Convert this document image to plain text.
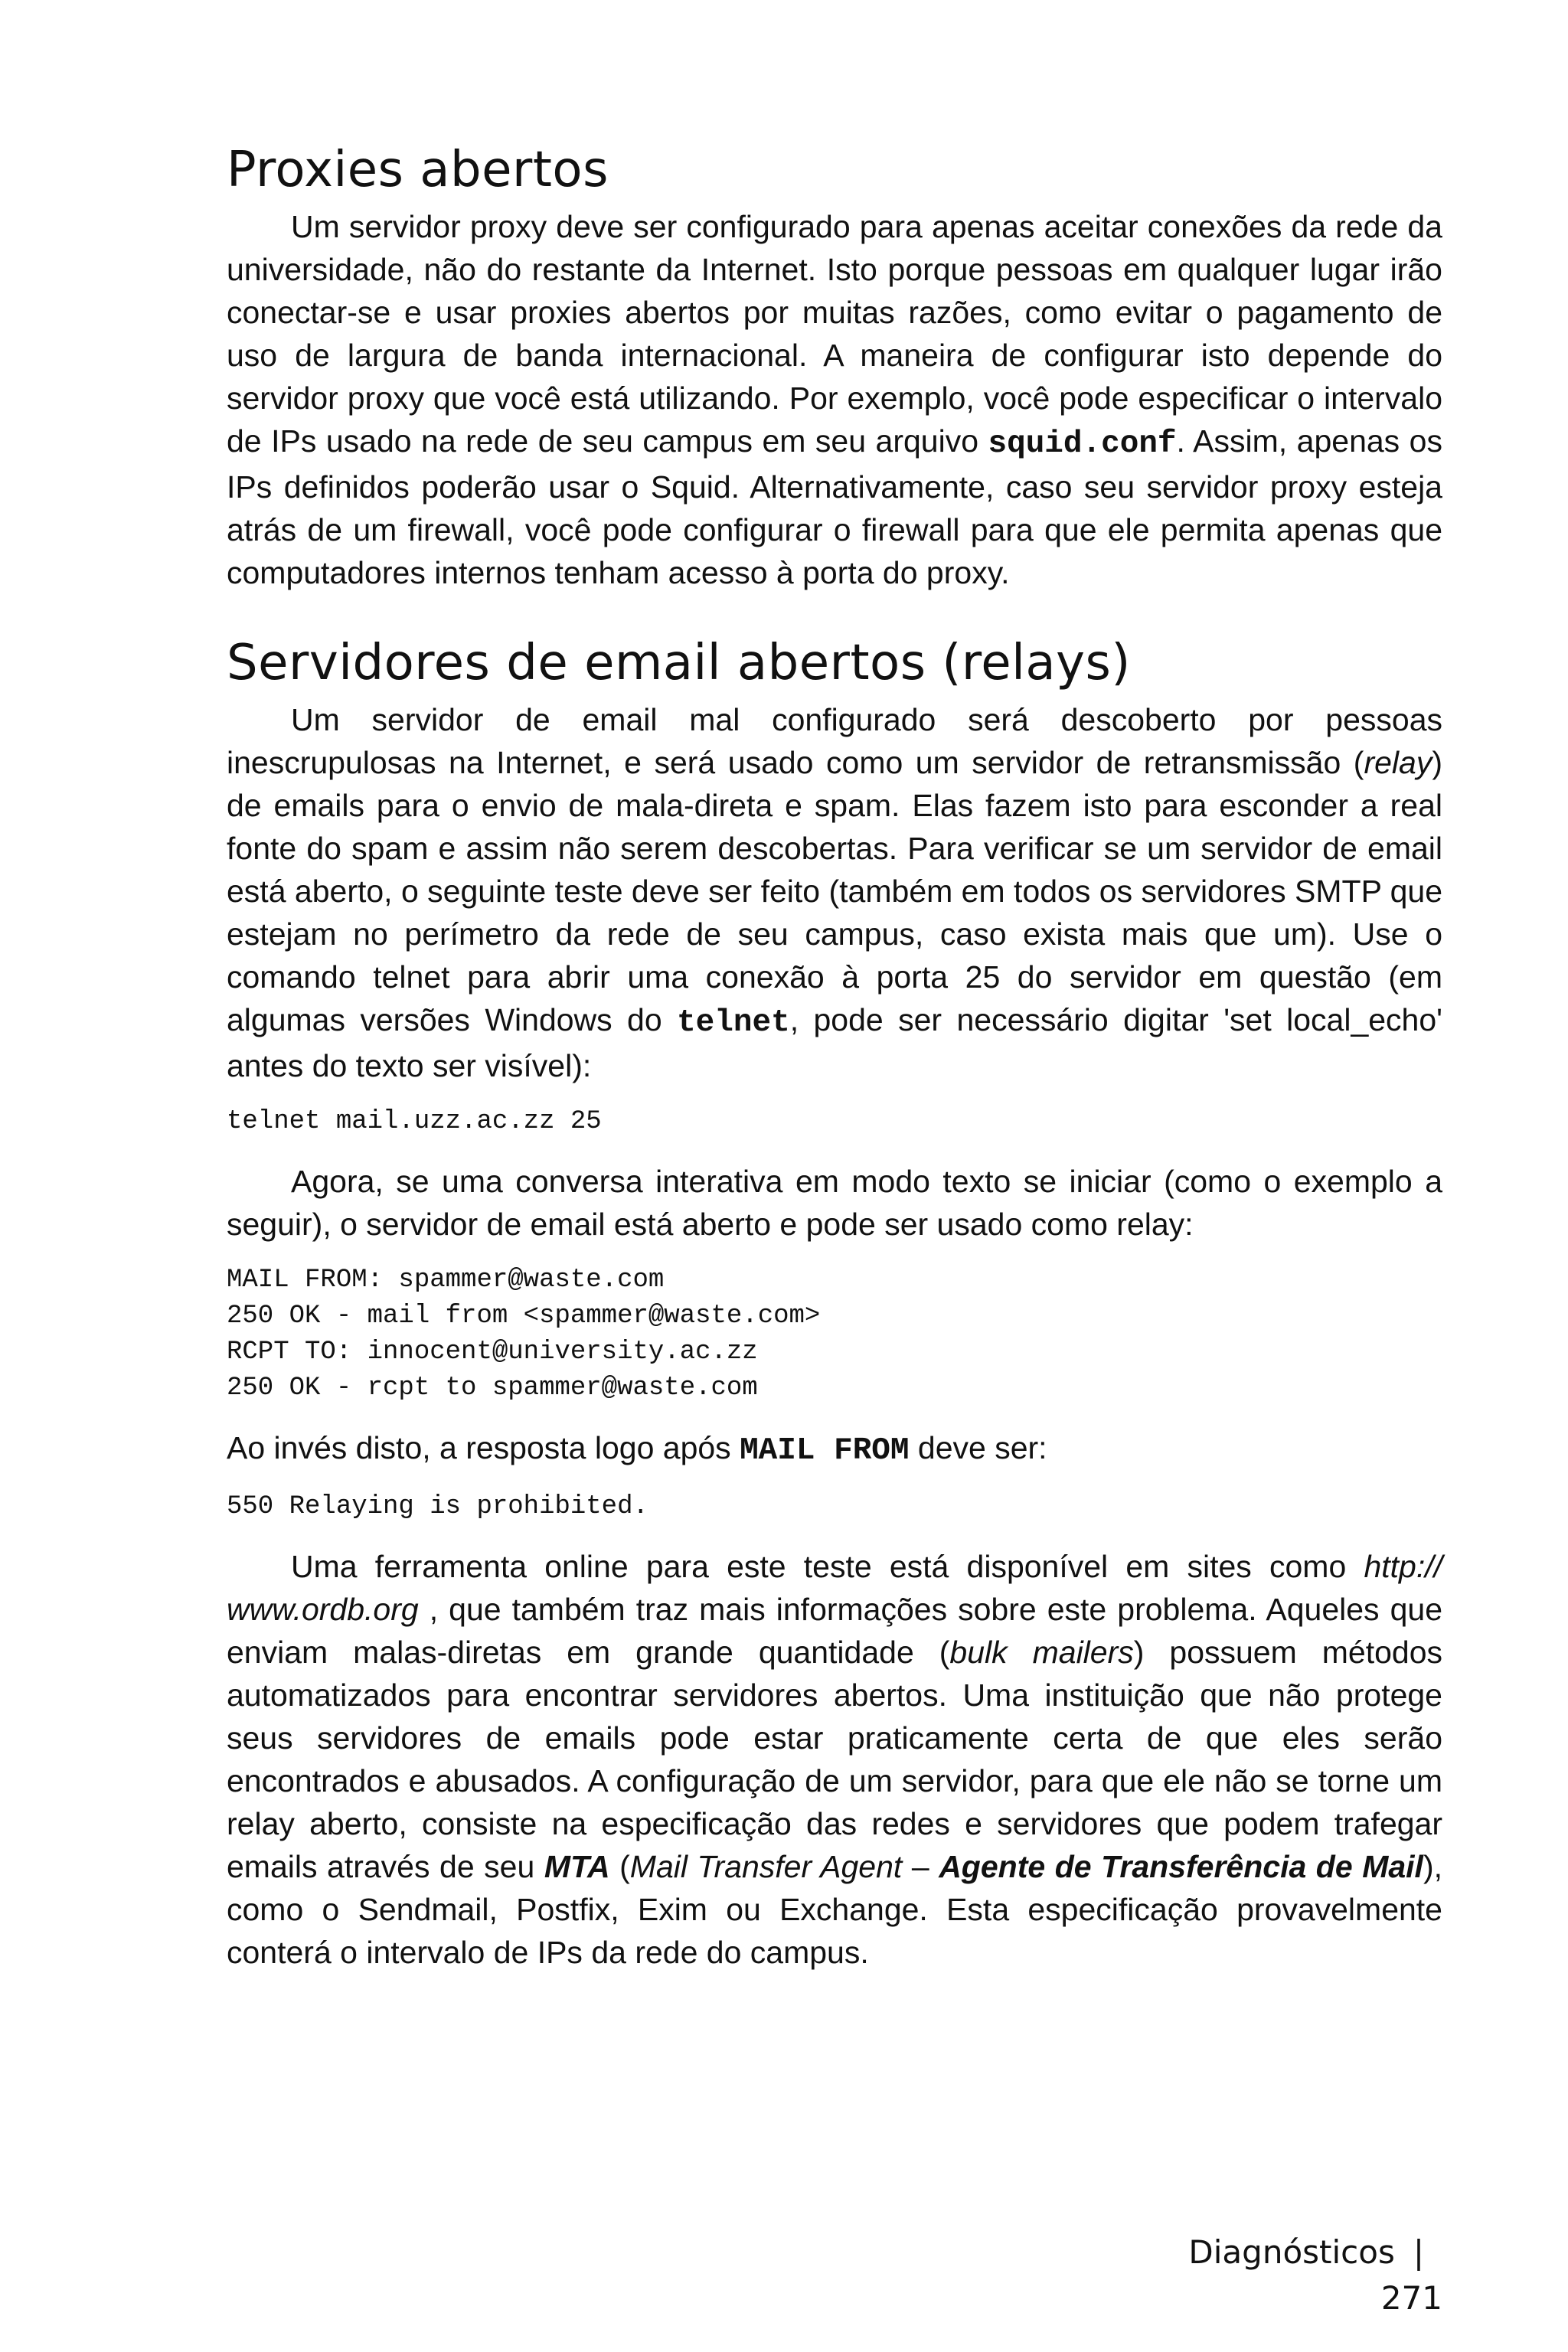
Proxies abertos

Um servidor proxy deve ser configurado para apenas aceitar conexões da rede da universidade, não do restante da Internet. Isto porque pessoas em qualquer lugar irão conectar-se e usar proxies abertos por muitas razões, como evitar o pagamento de uso de largura de banda internacional. A maneira de configurar isto depende do servidor proxy que você está utilizando. Por exemplo, você pode especificar o intervalo de IPs usado na rede de seu campus em seu arquivo squid.conf. Assim, apenas os IPs definidos poderão usar o Squid. Alternativamente, caso seu servidor proxy esteja atrás de um firewall, você pode configurar o firewall para que ele permita apenas que computadores internos tenham acesso à porta do proxy.

Servidores de email abertos (relays)

Um servidor de email mal configurado será descoberto por pessoas inescrupulosas na Internet, e será usado como um servidor de retransmissão (relay) de emails para o envio de mala-direta e spam. Elas fazem isto para esconder a real fonte do spam e assim não serem descobertas. Para verificar se um servidor de email está aberto, o seguinte teste deve ser feito (também em todos os servidores SMTP que estejam no perímetro da rede de seu campus, caso exista mais que um). Use o comando telnet para abrir uma conexão à porta 25 do servidor em questão (em algumas versões Windows do telnet, pode ser necessário digitar 'set local_echo' antes do texto ser visível):

telnet mail.uzz.ac.zz 25

Agora, se uma conversa interativa em modo texto se iniciar (como o exemplo a seguir), o servidor de email está aberto e pode ser usado como relay:

MAIL FROM: spammer@waste.com
250 OK - mail from <spammer@waste.com>
RCPT TO: innocent@university.ac.zz
250 OK - rcpt to spammer@waste.com

Ao invés disto, a resposta logo após MAIL FROM deve ser:

550 Relaying is prohibited.

Uma ferramenta online para este teste está disponível em sites como http:// www.ordb.org , que também traz mais informações sobre este problema. Aqueles que enviam malas-diretas em grande quantidade (bulk mailers) possuem métodos automatizados para encontrar servidores abertos. Uma instituição que não protege seus servidores de emails pode estar praticamente certa de que eles serão encontrados e abusados. A configuração de um servidor, para que ele não se torne um relay aberto, consiste na especificação das redes e servidores que podem trafegar emails através de seu MTA (Mail Transfer Agent – Agente de Transferência de Mail), como o Sendmail, Postfix, Exim ou Exchange. Esta especificação provavelmente conterá o intervalo de IPs da rede do campus.

Diagnósticos |271
